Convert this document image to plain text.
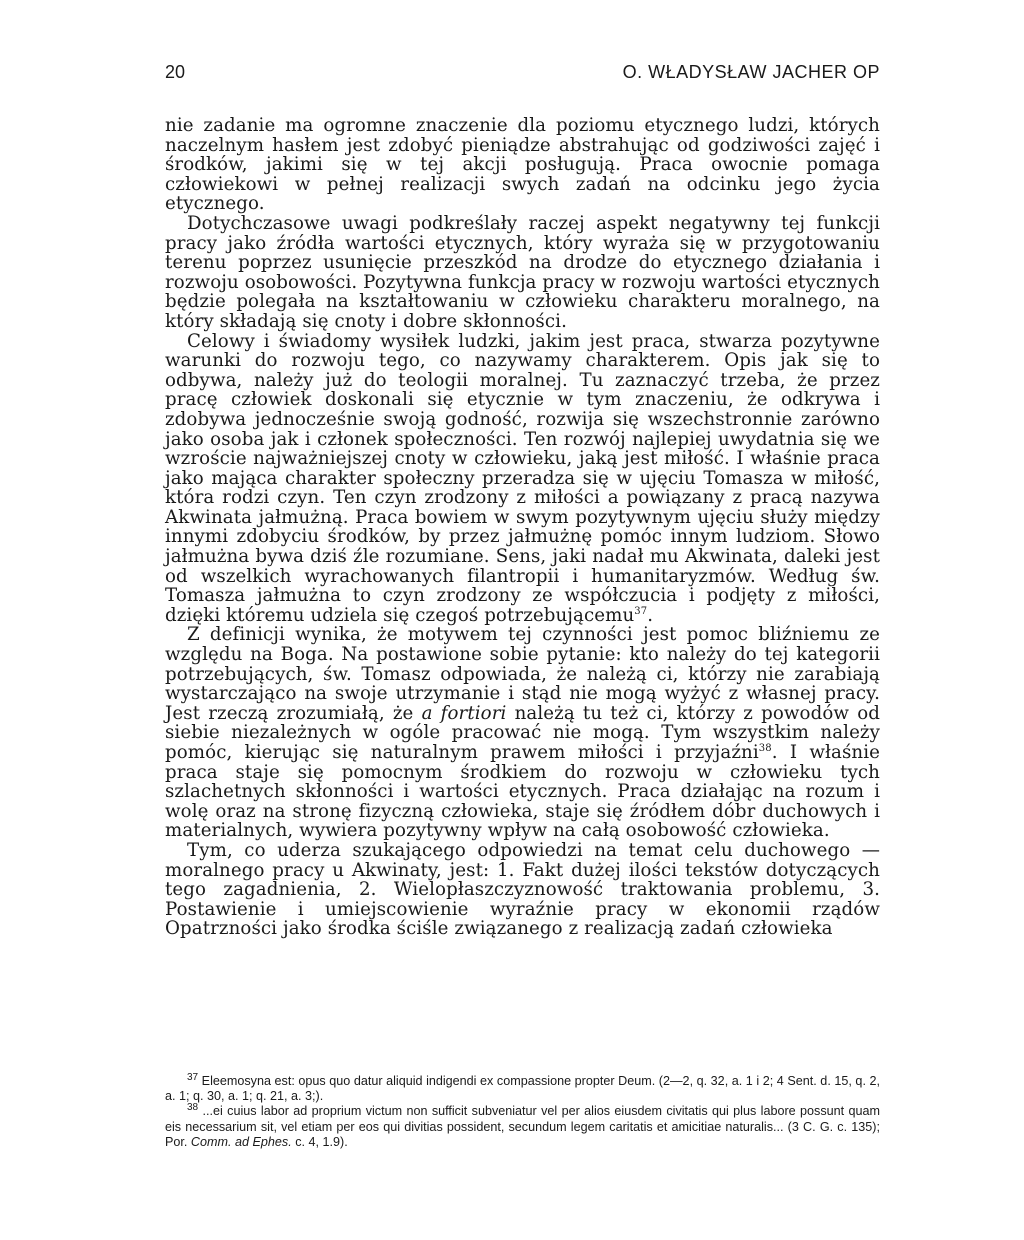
20	O. WŁADYSŁAW JACHER OP

nie zadanie ma ogromne znaczenie dla poziomu etycznego ludzi, których naczelnym hasłem jest zdobyć pieniądze abstrahując od godziwości zajęć i środków, jakimi się w tej akcji posługują. Praca owocnie pomaga człowiekowi w pełnej realizacji swych zadań na odcinku jego życia etycznego.

Dotychczasowe uwagi podkreślały raczej aspekt negatywny tej funkcji pracy jako źródła wartości etycznych, który wyraża się w przygotowaniu terenu poprzez usunięcie przeszkód na drodze do etycznego działania i rozwoju osobowości. Pozytywna funkcja pracy w rozwoju wartości etycznych będzie polegała na kształtowaniu w człowieku charakteru moralnego, na który składają się cnoty i dobre skłonności.

Celowy i świadomy wysiłek ludzki, jakim jest praca, stwarza pozytywne warunki do rozwoju tego, co nazywamy charakterem. Opis jak się to odbywa, należy już do teologii moralnej. Tu zaznaczyć trzeba, że przez pracę człowiek doskonali się etycznie w tym znaczeniu, że odkrywa i zdobywa jednocześnie swoją godność, rozwija się wszechstronnie zarówno jako osoba jak i członek społeczności. Ten rozwój najlepiej uwydatnia się we wzroście najważniejszej cnoty w człowieku, jaką jest miłość. I właśnie praca jako mająca charakter społeczny przeradza się w ujęciu Tomasza w miłość, która rodzi czyn. Ten czyn zrodzony z miłości a powiązany z pracą nazywa Akwinata jałmużną. Praca bowiem w swym pozytywnym ujęciu służy między innymi zdobyciu środków, by przez jałmużnę pomóc innym ludziom. Słowo jałmużna bywa dziś źle rozumiane. Sens, jaki nadał mu Akwinata, daleki jest od wszelkich wyrachowanych filantropii i humanitaryzmów. Według św. Tomasza jałmużna to czyn zrodzony ze współczucia i podjęty z miłości, dzięki któremu udziela się czegoś potrzebującemu$^{37}$.

Z definicji wynika, że motywem tej czynności jest pomoc bliźniemu ze względu na Boga. Na postawione sobie pytanie: kto należy do tej kategorii potrzebujących, św. Tomasz odpowiada, że należą ci, którzy nie zarabiają wystarczająco na swoje utrzymanie i stąd nie mogą wyżyć z własnej pracy. Jest rzeczą zrozumiałą, że a fortiori należą tu też ci, którzy z powodów od siebie niezależnych w ogóle pracować nie mogą. Tym wszystkim należy pomóc, kierując się naturalnym prawem miłości i przyjaźni$^{38}$. I właśnie praca staje się pomocnym środkiem do rozwoju w człowieku tych szlachetnych skłonności i wartości etycznych. Praca działając na rozum i wolę oraz na stronę fizyczną człowieka, staje się źródłem dóbr duchowych i materialnych, wywiera pozytywny wpływ na całą osobowość człowieka.

Tym, co uderza szukającego odpowiedzi na temat celu duchowego — moralnego pracy u Akwinaty, jest: 1. Fakt dużej ilości tekstów dotyczących tego zagadnienia, 2. Wielopłaszczyznowość traktowania problemu, 3. Postawienie i umiejscowienie wyraźnie pracy w ekonomii rządów Opatrzności jako środka ściśle związanego z realizacją zadań człowieka

$^{37}$ Eleemosyna est: opus quo datur aliquid indigendi ex compassione propter Deum. (2—2, q. 32, a. 1 i 2; 4 Sent. d. 15, q. 2, a. 1; q. 30, a. 1; q. 21, a. 3;).

$^{38}$ ...ei cuius labor ad proprium victum non sufficit subveniatur vel per alios eiusdem civitatis qui plus labore possunt quam eis necessarium sit, vel etiam per eos qui divitias possident, secundum legem caritatis et amicitiae naturalis... (3 C. G. c. 135); Por. Comm. ad Ephes. c. 4, 1.9).
